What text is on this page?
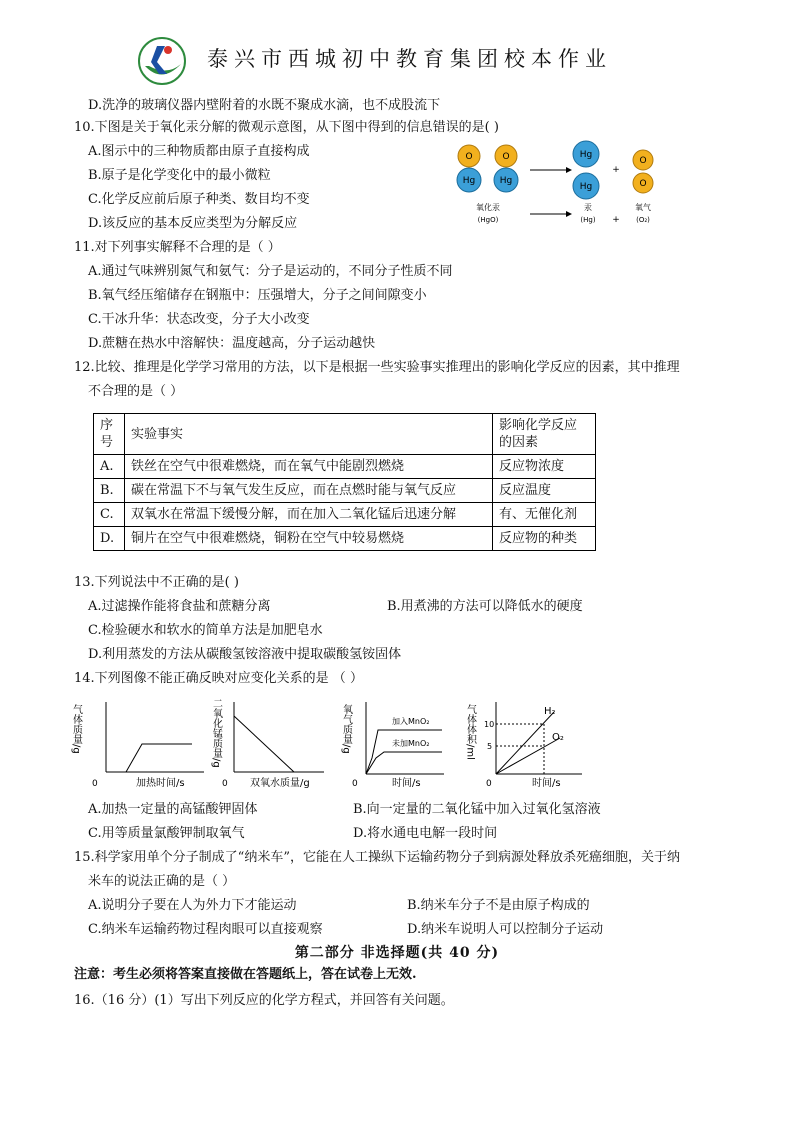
泰兴市西城初中教育集团校本作业
D.洗净的玻璃仪器内壁附着的水既不聚成水滴，也不成股流下
10.下图是关于氧化汞分解的微观示意图，从下图中得到的信息错误的是( )
A.图示中的三种物质都由原子直接构成
B.原子是化学变化中的最小微粒
C.化学反应前后原子种类、数目均不变
D.该反应的基本反应类型为分解反应
O
Hg
O
Hg
Hg
Hg
+
O
O
氧化汞
(HgO)
汞
(Hg) +
氧气
(O₂)
11.对下列事实解释不合理的是（ ）
A.通过气味辨别氮气和氨气：分子是运动的，不同分子性质不同
B.氧气经压缩储存在钢瓶中：压强增大，分子之间间隙变小
C.干冰升华：状态改变，分子大小改变
D.蔗糖在热水中溶解快：温度越高，分子运动越快
12.比较、推理是化学学习常用的方法，以下是根据一些实验事实推理出的影响化学反应的因素，其中推理
不合理的是（ ）
序号	实验事实	影响化学反应的因素
A.	铁丝在空气中很难燃烧，而在氧气中能剧烈燃烧	反应物浓度
B.	碳在常温下不与氧气发生反应，而在点燃时能与氧气反应	反应温度
C.	双氧水在常温下缓慢分解，而在加入二氧化锰后迅速分解	有、无催化剂
D.	铜片在空气中很难燃烧，铜粉在空气中较易燃烧	反应物的种类
13.下列说法中不正确的是( )
A.过滤操作能将食盐和蔗糖分离	B.用煮沸的方法可以降低水的硬度
C.检验硬水和软水的简单方法是加肥皂水
D.利用蒸发的方法从碳酸氢铵溶液中提取碳酸氢铵固体
14.下列图像不能正确反映对应变化关系的是 （ ）
气体质量/g
0	加热时间/s
二氧化锰质量/g
0 双氧水质量/g
氧气质量/g	加入MnO₂
未加MnO₂
0	时间/s
气体体积/ml 10
5
H₂
O₂
0	时间/s
A.加热一定量的高锰酸钾固体	B.向一定量的二氧化锰中加入过氧化氢溶液
C.用等质量氯酸钾制取氧气	D.将水通电电解一段时间
15.科学家用单个分子制成了“纳米车”，它能在人工操纵下运输药物分子到病源处释放杀死癌细胞，关于纳
米车的说法正确的是（ ）
A.说明分子要在人为外力下才能运动	B.纳米车分子不是由原子构成的
C.纳米车运输药物过程肉眼可以直接观察	D.纳米车说明人可以控制分子运动
第二部分 非选择题(共 40 分)
注意：考生必须将答案直接做在答题纸上，答在试卷上无效.
16.（16 分）(1）写出下列反应的化学方程式，并回答有关问题。
